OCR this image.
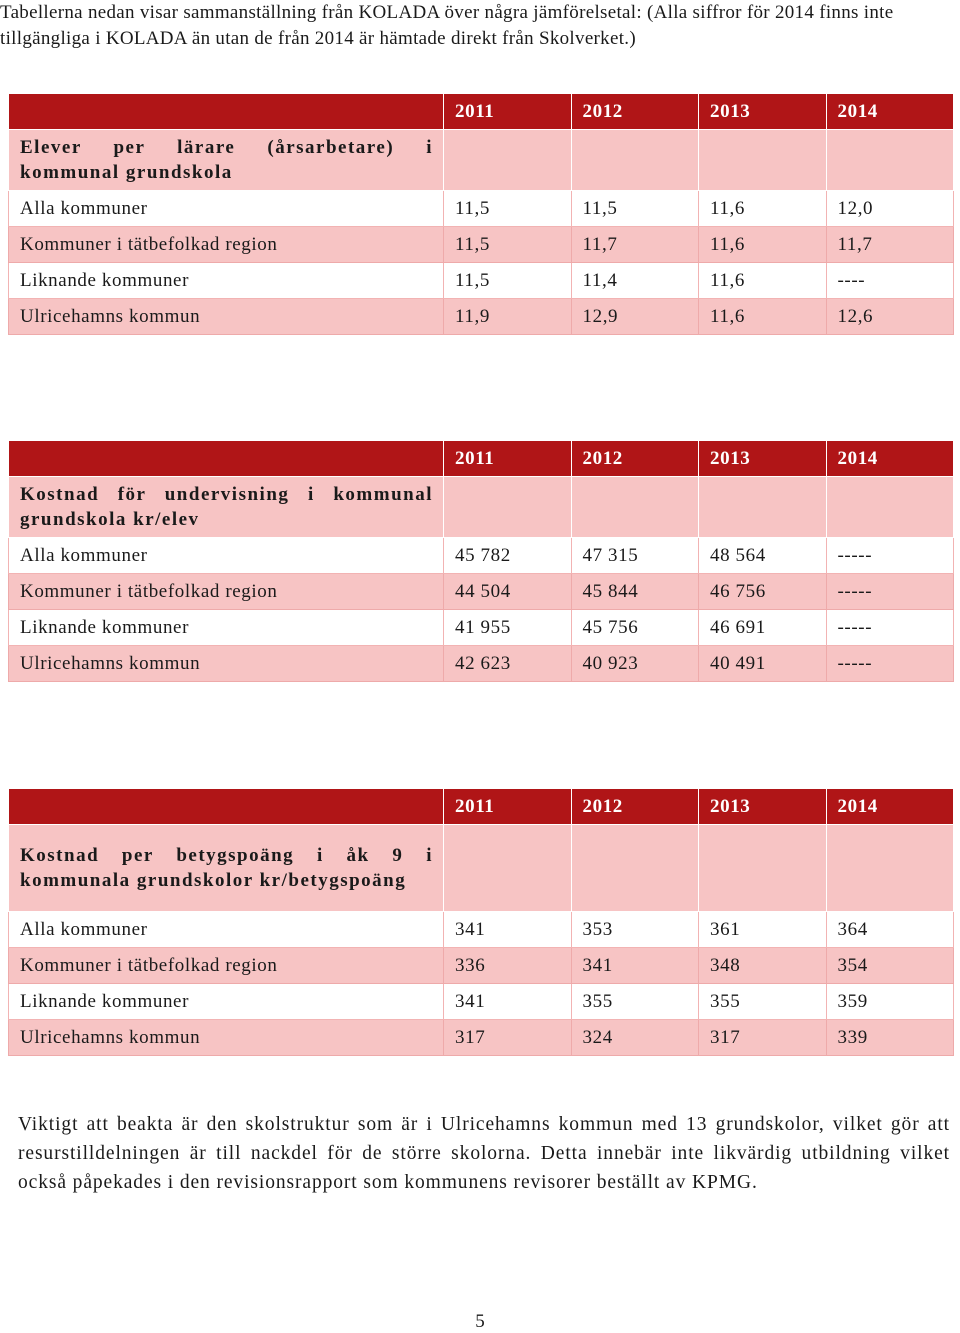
Tabellerna nedan visar sammanställning från KOLADA över några jämförelsetal: (Alla siffror för 2014 finns inte tillgängliga i KOLADA än utan de från 2014 är hämtade direkt från Skolverket.)
	2011	2012	2013	2014
Elever per lärare (årsarbetare) i kommunal grundskola				
Alla kommuner	11,5	11,5	11,6	12,0
Kommuner i tätbefolkad region	11,5	11,7	11,6	11,7
Liknande kommuner	11,5	11,4	11,6	----
Ulricehamns kommun	11,9	12,9	11,6	12,6
	2011	2012	2013	2014
Kostnad för undervisning i kommunal grundskola kr/elev				
Alla kommuner	45 782	47 315	48 564	-----
Kommuner i tätbefolkad region	44 504	45 844	46 756	-----
Liknande kommuner	41 955	45 756	46 691	-----
Ulricehamns kommun	42 623	40 923	40 491	-----
	2011	2012	2013	2014
Kostnad per betygspoäng i åk 9 i kommunala grundskolor kr/betygspoäng				
Alla kommuner	341	353	361	364
Kommuner i tätbefolkad region	336	341	348	354
Liknande kommuner	341	355	355	359
Ulricehamns kommun	317	324	317	339
Viktigt att beakta är den skolstruktur som är i Ulricehamns kommun med 13 grundskolor, vilket gör att resurstilldelningen är till nackdel för de större skolorna. Detta innebär inte likvärdig utbildning vilket också påpekades i den revisionsrapport som kommunens revisorer beställt av KPMG.
5
